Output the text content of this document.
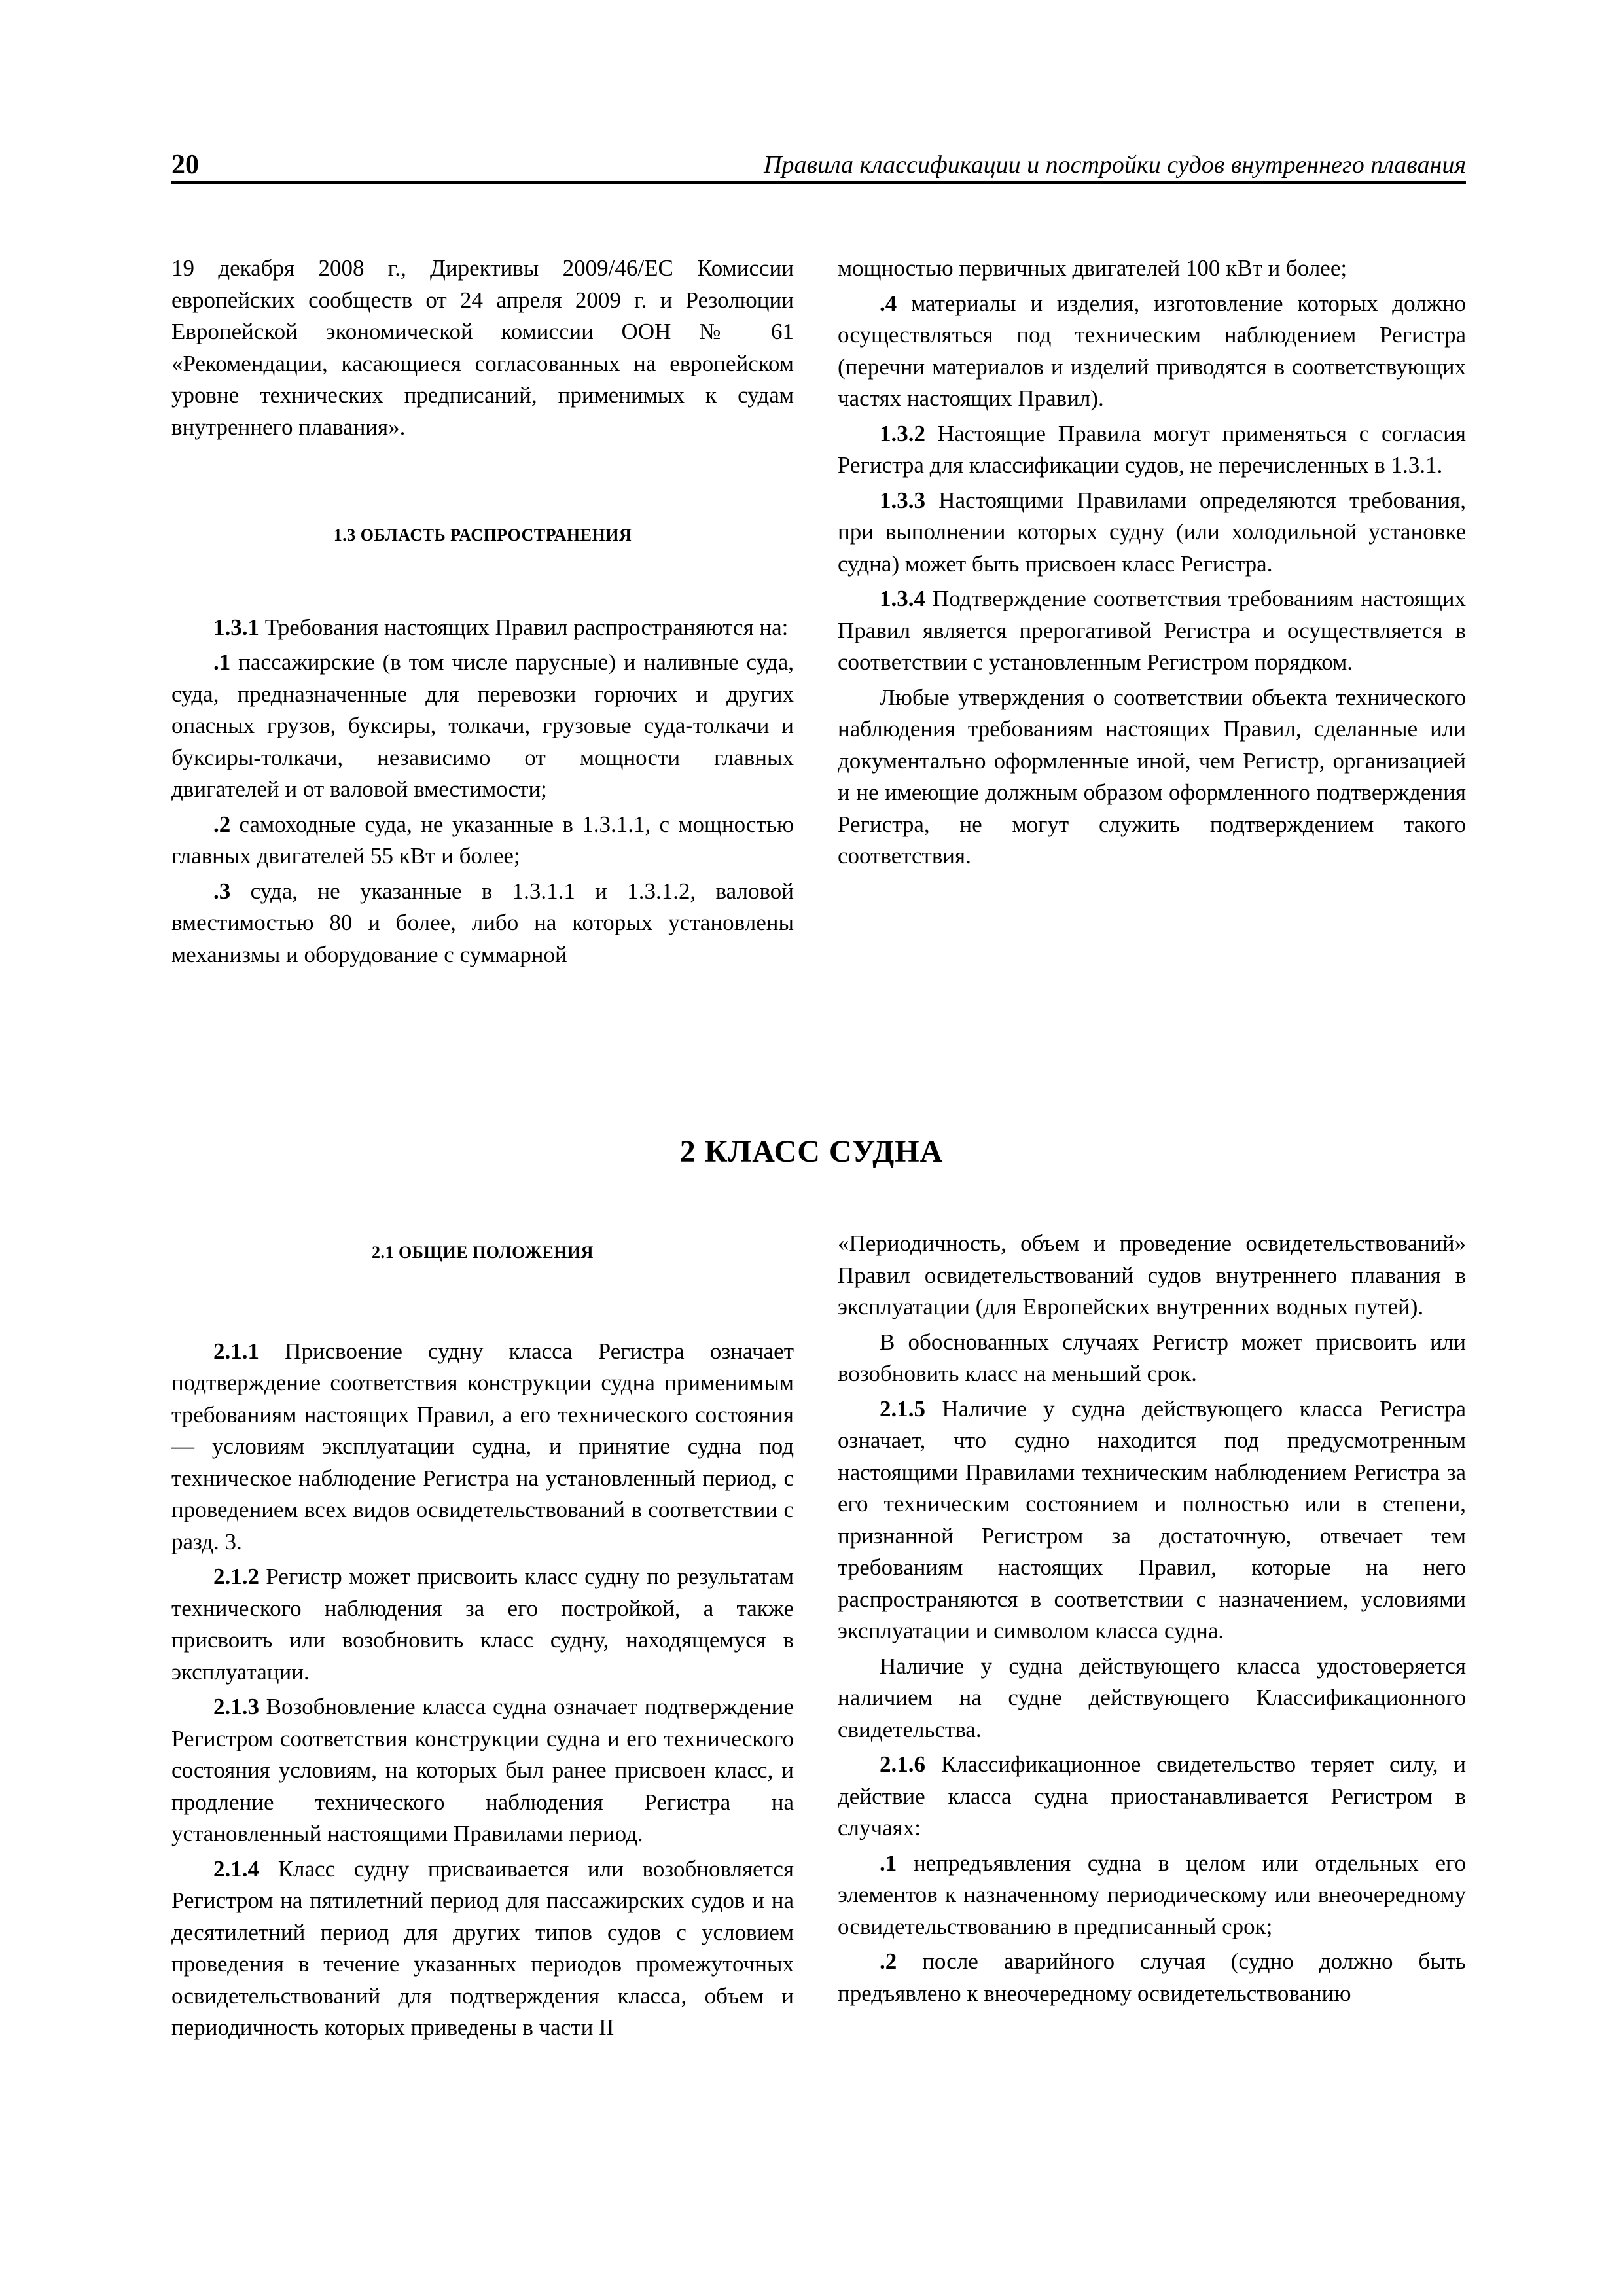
20	Правила классификации и постройки судов внутреннего плавания

19 декабря 2008 г., Директивы 2009/46/ЕС Комиссии европейских сообществ от 24 апреля 2009 г. и Резолюции Европейской экономической комиссии ООН № 61 «Рекомендации, касающиеся согласованных на европейском уровне технических предписаний, применимых к судам внутреннего плавания».

1.3 ОБЛАСТЬ РАСПРОСТРАНЕНИЯ

1.3.1 Требования настоящих Правил распространяются на:

.1 пассажирские (в том числе парусные) и наливные суда, суда, предназначенные для перевозки горючих и других опасных грузов, буксиры, толкачи, грузовые суда-толкачи и буксиры-толкачи, независимо от мощности главных двигателей и от валовой вместимости;

.2 самоходные суда, не указанные в 1.3.1.1, с мощностью главных двигателей 55 кВт и более;

.3 суда, не указанные в 1.3.1.1 и 1.3.1.2, валовой вместимостью 80 и более, либо на которых установлены механизмы и оборудование с суммарной

мощностью первичных двигателей 100 кВт и более;

.4 материалы и изделия, изготовление которых должно осуществляться под техническим наблюдением Регистра (перечни материалов и изделий приводятся в соответствующих частях настоящих Правил).

1.3.2 Настоящие Правила могут применяться с согласия Регистра для классификации судов, не перечисленных в 1.3.1.

1.3.3 Настоящими Правилами определяются требования, при выполнении которых судну (или холодильной установке судна) может быть присвоен класс Регистра.

1.3.4 Подтверждение соответствия требованиям настоящих Правил является прерогативой Регистра и осуществляется в соответствии с установленным Регистром порядком.

Любые утверждения о соответствии объекта технического наблюдения требованиям настоящих Правил, сделанные или документально оформленные иной, чем Регистр, организацией и не имеющие должным образом оформленного подтверждения Регистра, не могут служить подтверждением такого соответствия.

2 КЛАСС СУДНА
2.1 ОБЩИЕ ПОЛОЖЕНИЯ

2.1.1 Присвоение судну класса Регистра означает подтверждение соответствия конструкции судна применимым требованиям настоящих Правил, а его технического состояния — условиям эксплуатации судна, и принятие судна под техническое наблюдение Регистра на установленный период, с проведением всех видов освидетельствований в соответствии с разд. 3.

2.1.2 Регистр может присвоить класс судну по результатам технического наблюдения за его постройкой, а также присвоить или возобновить класс судну, находящемуся в эксплуатации.

2.1.3 Возобновление класса судна означает подтверждение Регистром соответствия конструкции судна и его технического состояния условиям, на которых был ранее присвоен класс, и продление технического наблюдения Регистра на установленный настоящими Правилами период.

2.1.4 Класс судну присваивается или возобновляется Регистром на пятилетний период для пассажирских судов и на десятилетний период для других типов судов с условием проведения в течение указанных периодов промежуточных освидетельствований для подтверждения класса, объем и периодичность которых приведены в части II

«Периодичность, объем и проведение освидетельствований» Правил освидетельствований судов внутреннего плавания в эксплуатации (для Европейских внутренних водных путей).

В обоснованных случаях Регистр может присвоить или возобновить класс на меньший срок.

2.1.5 Наличие у судна действующего класса Регистра означает, что судно находится под предусмотренным настоящими Правилами техническим наблюдением Регистра за его техническим состоянием и полностью или в степени, признанной Регистром за достаточную, отвечает тем требованиям настоящих Правил, которые на него распространяются в соответствии с назначением, условиями эксплуатации и символом класса судна.

Наличие у судна действующего класса удостоверяется наличием на судне действующего Классификационного свидетельства.

2.1.6 Классификационное свидетельство теряет силу, и действие класса судна приостанавливается Регистром в случаях:

.1 непредъявления судна в целом или отдельных его элементов к назначенному периодическому или внеочередному освидетельствованию в предписанный срок;

.2 после аварийного случая (судно должно быть предъявлено к внеочередному освидетельствованию
